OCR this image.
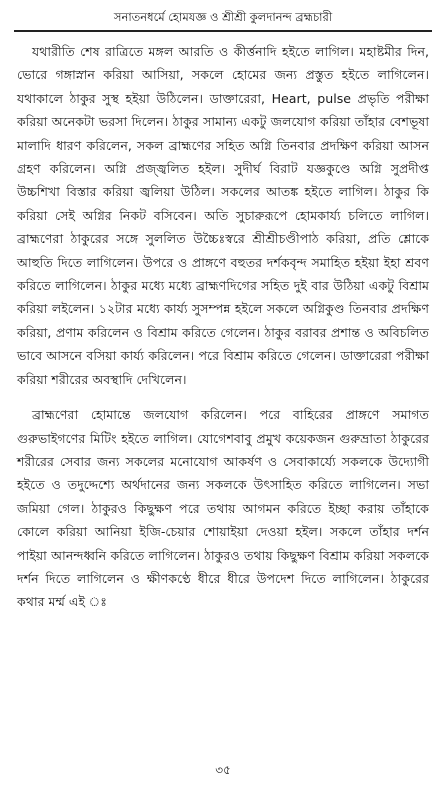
সনাতনধর্মে হোমযজ্ঞ ও শ্রীশ্রী কুলদানন্দ ব্রহ্মচারী

যথারীতি শেষ রাত্রিতে মঙ্গল আরতি ও কীর্ত্তনাদি হইতে লাগিল। মহাষ্টমীর দিন, ভোরে গঙ্গাস্নান করিয়া আসিয়া, সকলে হোমের জন্য প্রস্তুত হইতে লাগিলেন। যথাকালে ঠাকুর সুস্থ হইয়া উঠিলেন। ডাক্তারেরা, Heart, pulse প্রভৃতি পরীক্ষা করিয়া অনেকটা ভরসা দিলেন। ঠাকুর সামান্য একটু জলযোগ করিয়া তাঁহার বেশভূষা মালাদি ধারণ করিলেন, সকল ব্রাহ্মণের সহিত অগ্নি তিনবার প্রদক্ষিণ করিয়া আসন গ্রহণ করিলেন। অগ্নি প্রজ্জ্বলিত হইল। সুদীর্ঘ বিরাট যজ্ঞকুণ্ডে অগ্নি সুপ্রদীপ্ত উচ্চশিখা বিস্তার করিয়া জ্বলিয়া উঠিল। সকলের আতঙ্ক হইতে লাগিল। ঠাকুর কি করিয়া সেই অগ্নির নিকট বসিবেন। অতি সুচারুরূপে হোমকার্য্য চলিতে লাগিল। ব্রাহ্মণেরা ঠাকুরের সঙ্গে সুললিত উচ্চৈঃস্বরে শ্রীশ্রীচণ্ডীপাঠ করিয়া, প্রতি শ্লোকে আহুতি দিতে লাগিলেন। উপরে ও প্রাঙ্গণে বহুতর দর্শকবৃন্দ সমাহিত হইয়া ইহা শ্রবণ করিতে লাগিলেন। ঠাকুর মধ্যে মধ্যে ব্রাহ্মণদিগের সহিত দুই বার উঠিয়া একটু বিশ্রাম করিয়া লইলেন। ১২টার মধ্যে কার্য্য সুসম্পন্ন হইলে সকলে অগ্নিকুণ্ড তিনবার প্রদক্ষিণ করিয়া, প্রণাম করিলেন ও বিশ্রাম করিতে গেলেন। ঠাকুর বরাবর প্রশান্ত ও অবিচলিত ভাবে আসনে বসিয়া কার্য্য করিলেন। পরে বিশ্রাম করিতে গেলেন। ডাক্তারেরা পরীক্ষা করিয়া শরীরের অবস্থাদি দেখিলেন।

ব্রাহ্মণেরা হোমান্তে জলযোগ করিলেন। পরে বাহিরের প্রাঙ্গণে সমাগত গুরুভাইগণের মিটিং হইতে লাগিল। যোগেশবাবু প্রমুখ কয়েকজন গুরুভ্রাতা ঠাকুরের শরীরের সেবার জন্য সকলের মনোযোগ আকর্ষণ ও সেবাকার্য্যে সকলকে উদ্যোগী হইতে ও তদুদ্দেশ্যে অর্থদানের জন্য সকলকে উৎসাহিত করিতে লাগিলেন। সভা জমিয়া গেল। ঠাকুরও কিছুক্ষণ পরে তথায় আগমন করিতে ইচ্ছা করায় তাঁহাকে কোলে করিয়া আনিয়া ইজি-চেয়ার শোয়াইয়া দেওয়া হইল। সকলে তাঁহার দর্শন পাইয়া আনন্দধ্বনি করিতে লাগিলেন। ঠাকুরও তথায় কিছুক্ষণ বিশ্রাম করিয়া সকলকে দর্শন দিতে লাগিলেন ও ক্ষীণকণ্ঠে ধীরে ধীরে উপদেশ দিতে লাগিলেন। ঠাকুরের কথার মর্ম্ম এই ঃ

৩৫
